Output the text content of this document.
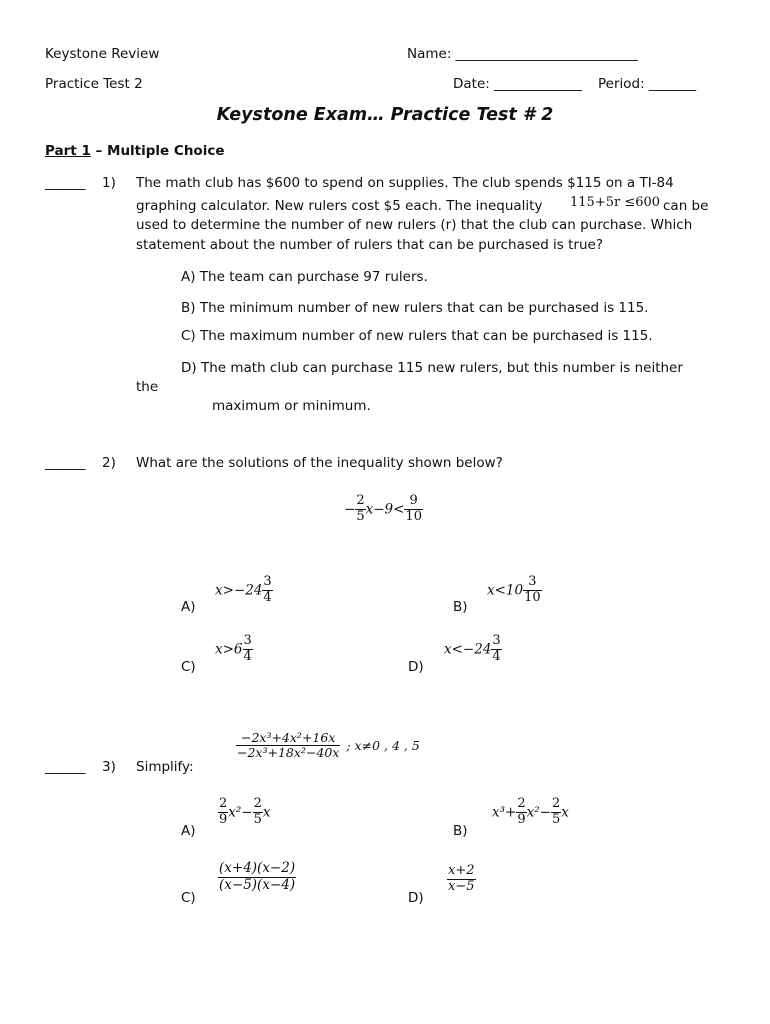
Keystone Review
Practice Test 2
Name: ___________________________
Date: _____________ Period: _______
Keystone Exam… Practice Test # 2
Part 1 – Multiple Choice
______ 1) The math club has $600 to spend on supplies. The club spends $115 on a TI-84
graphing calculator. New rulers cost $5 each. The inequality 115+5r ≤600 can be
used to determine the number of new rulers (r) that the club can purchase. Which
statement about the number of rulers that can be purchased is true?
A) The team can purchase 97 rulers.
B) The minimum number of new rulers that can be purchased is 115.
C) The maximum number of new rulers that can be purchased is 115.
D) The math club can purchase 115 new rulers, but this number is neither
the
maximum or minimum.
______ 2) What are the solutions of the inequality shown below?
− $\frac{2}{5} x-9< \frac{9}{10}$
A)
$x>-24 \frac{3}{4}$
B)
$x<10 \frac{3}{10}$
C)
$x>6 \frac{3}{4}$
D)
$x<-24 \frac{3}{4}$
______ 3) Simplify:
$\frac{\text{−2x³+4x²+16x}}{\text{−2x³+18x²−40x}}$ ; x≠0 , 4 , 5
A)
$\frac{2}{9} x^2- \frac{2}{5}$ x
B)
$x^3+ \frac{2}{9} x^2- \frac{2}{5}$ x
C)
$\frac{(x+4)(x-2)}{(x-5)(x-4)}$
D)
$\frac{x+2}{x-5}$
